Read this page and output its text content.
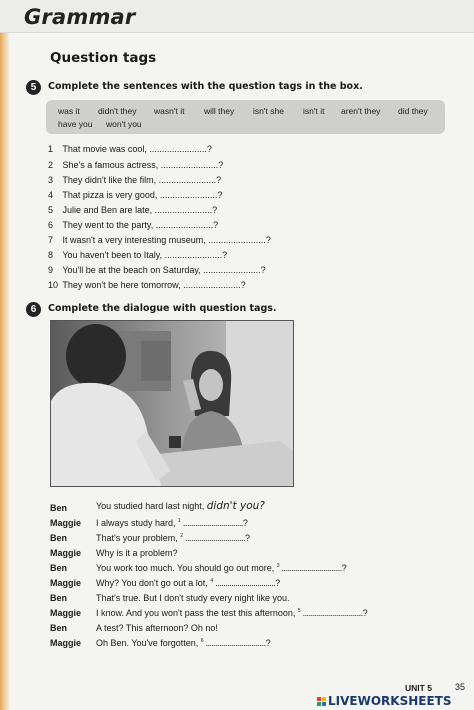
Grammar
Question tags
5	Complete the sentences with the question tags in the box.
was it didn't they wasn't it will they isn't she isn't it aren't they did they
have you won't you
1 That movie was cool, .......................?
2 She's a famous actress, .......................?
3 They didn't like the film, .......................?
4 That pizza is very good, .......................?
5 Julie and Ben are late, .......................?
6 They went to the party, .......................?
7 It wasn't a very interesting museum, .......................?
8 You haven't been to Italy, .......................?
9 You'll be at the beach on Saturday, .......................?
10 They won't be here tomorrow, .......................?
6	Complete the dialogue with question tags.
Ben	You studied hard last night, didn't you?
Maggie I always study hard, $^1$ ..............................?
Ben	That's your problem, $^2$ ..............................?
Maggie Why is it a problem?
Ben	You work too much. You should go out more, $^3$ ..............................?
Maggie Why? You don't go out a lot, $^4$ ..............................?
Ben	That's true. But I don't study every night like you.
Maggie I know. And you won't pass the test this afternoon, $^5$ ..............................?
Ben	A test? This afternoon? Oh no!
Maggie Oh Ben. You've forgotten, $^6$ ..............................?
UNIT 5	35
LIVEWORKSHEETS
